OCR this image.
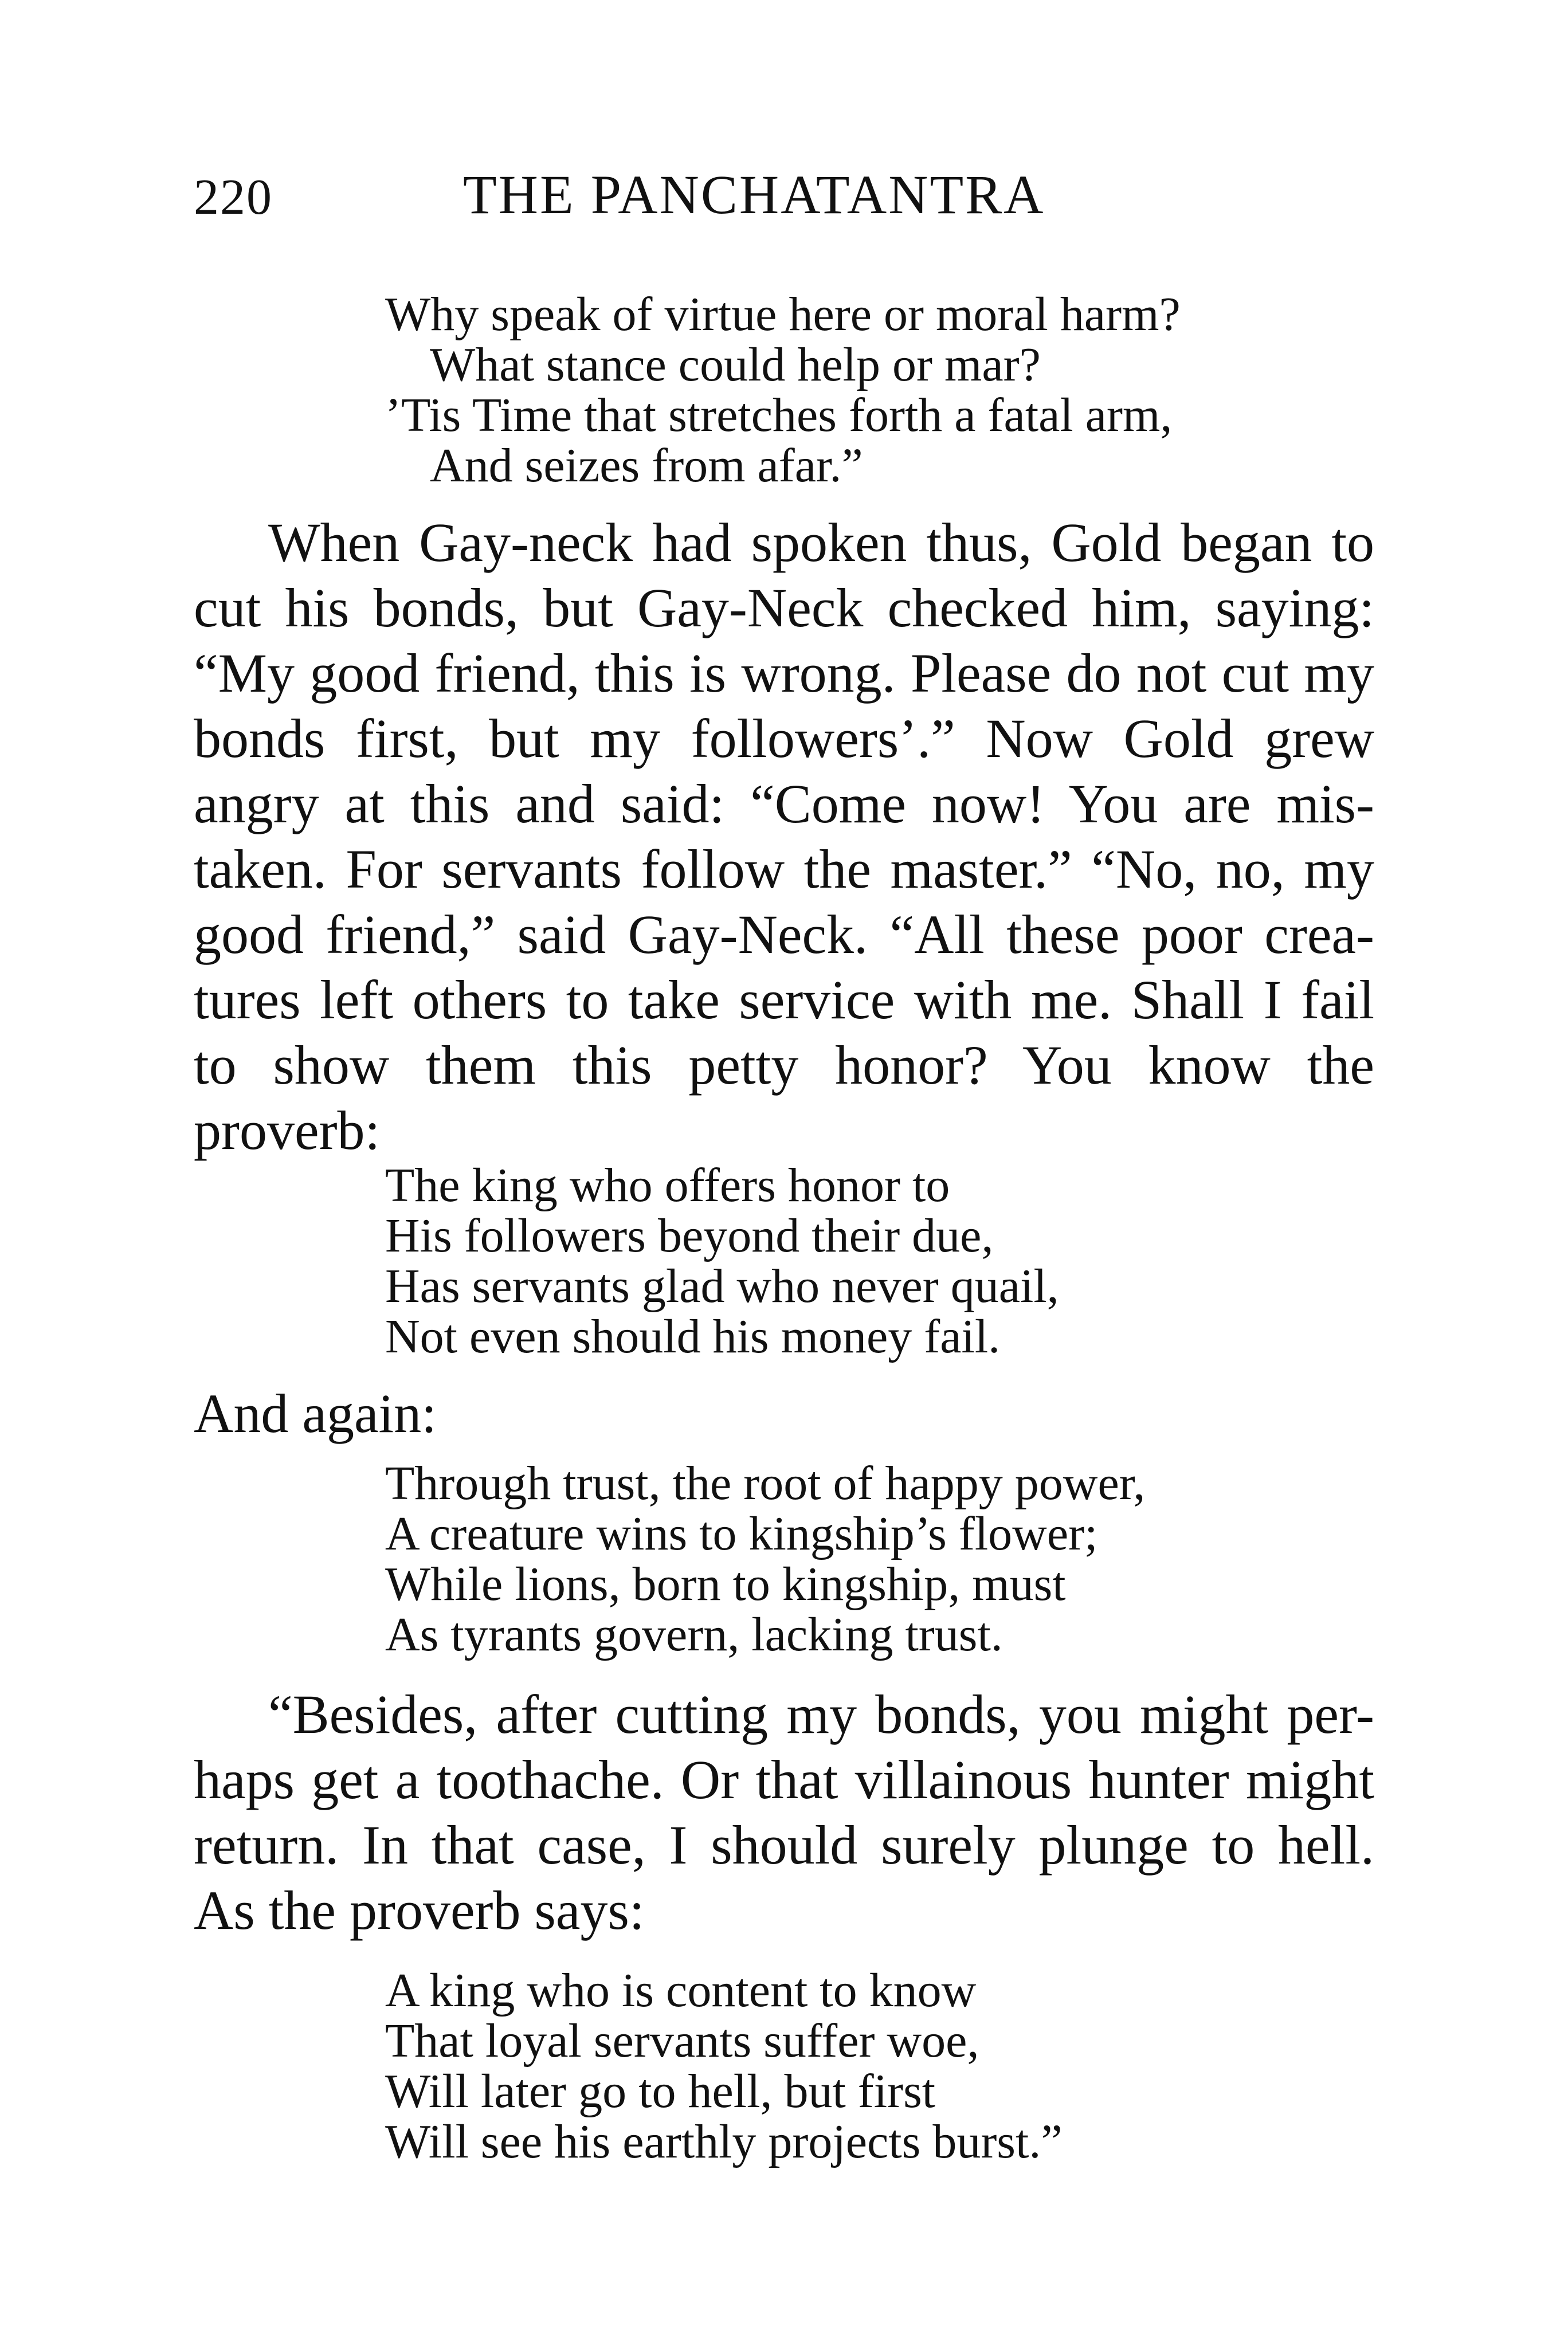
220	THE PANCHATANTRA
Why speak of virtue here or moral harm?
What stance could help or mar?
’Tis Time that stretches forth a fatal arm,
And seizes from afar.”
When Gay-neck had spoken thus, Gold began to
cut his bonds, but Gay-Neck checked him, saying:
“My good friend, this is wrong. Please do not cut my
bonds first, but my followers’.” Now Gold grew
angry at this and said: “Come now! You are mis-
taken. For servants follow the master.” “No, no, my
good friend,” said Gay-Neck. “All these poor crea-
tures left others to take service with me. Shall I fail
to show them this petty honor? You know the
proverb:
The king who offers honor to
His followers beyond their due,
Has servants glad who never quail,
Not even should his money fail.
And again:
Through trust, the root of happy power,
A creature wins to kingship’s flower;
While lions, born to kingship, must
As tyrants govern, lacking trust.
“Besides, after cutting my bonds, you might per-
haps get a toothache. Or that villainous hunter might
return. In that case, I should surely plunge to hell.
As the proverb says:
A king who is content to know
That loyal servants suffer woe,
Will later go to hell, but first
Will see his earthly projects burst.”
